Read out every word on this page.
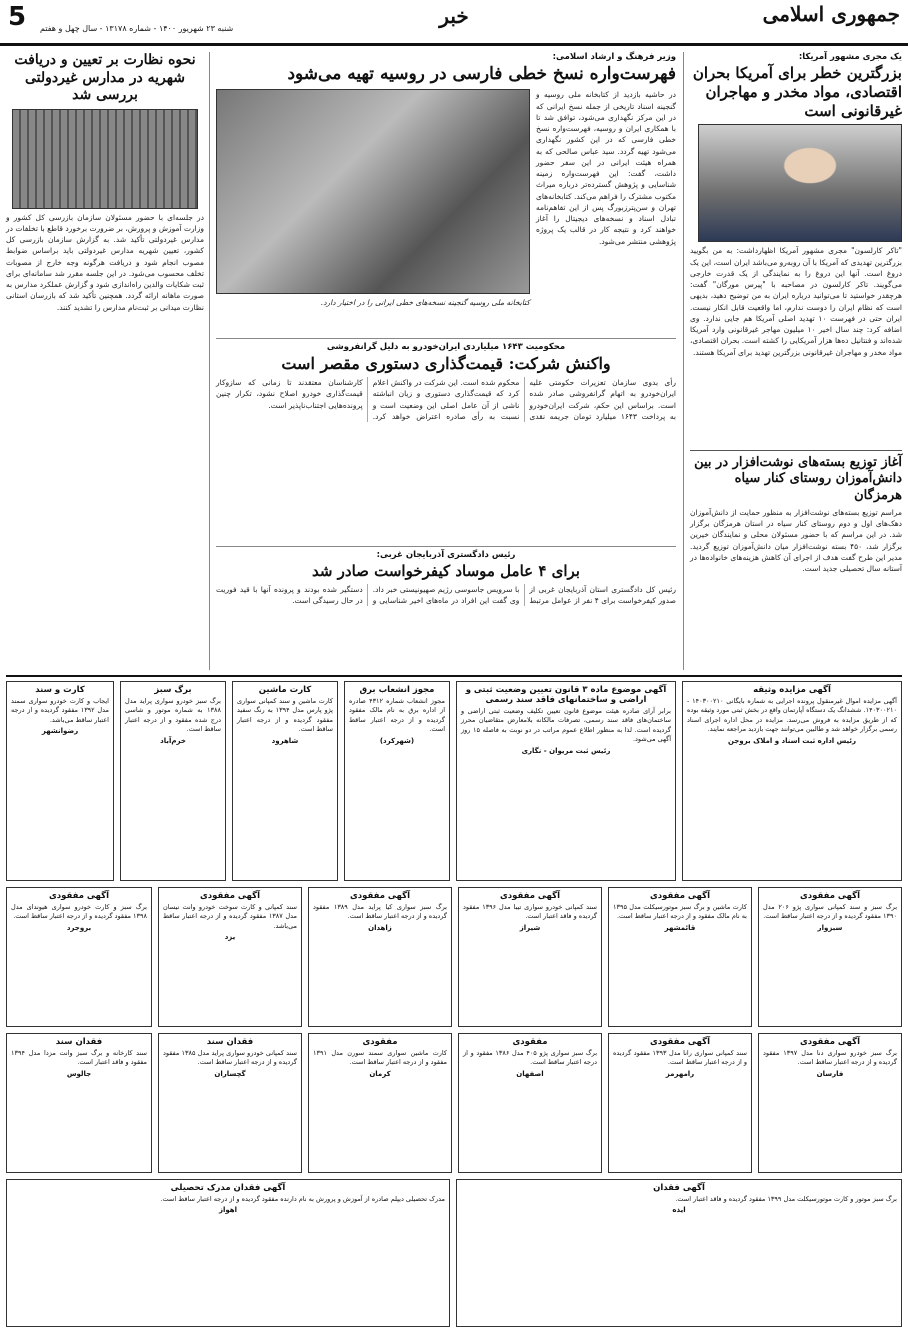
جمهوری اسلامی
خبر
شنبه ۲۳ شهریور ۱۴۰۰ - شماره ۱۳۱۷۸ - سال چهل و هفتم
5
یک مجری مشهور آمریکا:
بزرگترین خطر برای آمریکا بحران اقتصادی، مواد مخدر و مهاجران غیرقانونی است
"تاکر کارلسون" مجری مشهور آمریکا اظهارداشت: به من بگویید بزرگترین تهدیدی که آمریکا با آن روبه‌رو می‌باشد ایران است، این یک دروغ است. آنها این دروغ را به نمایندگی از یک قدرت خارجی می‌گویند. تاکر کارلسون در مصاحبه با "پیرس مورگان" گفت: هرچقدر خواستید تا می‌توانید درباره ایران به من توضیح دهید، بدیهی است که نظام ایران را دوست ندارم، اما واقعیت قابل انکار نیست. ایران حتی در فهرست ۱۰ تهدید اصلی آمریکا هم جایی ندارد. وی اضافه کرد: چند سال اخیر ۱۰ میلیون مهاجر غیرقانونی وارد آمریکا شده‌اند و فنتانیل ده‌ها هزار آمریکایی را کشته است. بحران اقتصادی، مواد مخدر و مهاجران غیرقانونی بزرگترین تهدید برای آمریکا هستند.
آغاز توزیع بسته‌های نوشت‌افزار در بین دانش‌آموزان روستای کنار سیاه هرمزگان
مراسم توزیع بسته‌های نوشت‌افزار به منظور حمایت از دانش‌آموزان دهک‌های اول و دوم روستای کنار سیاه در استان هرمزگان برگزار شد. در این مراسم که با حضور مسئولان محلی و نمایندگان خیرین برگزار شد، ۴۵۰ بسته نوشت‌افزار میان دانش‌آموزان توزیع گردید. مدیر این طرح گفت هدف از اجرای آن کاهش هزینه‌های خانواده‌ها در آستانه سال تحصیلی جدید است.
وزیر فرهنگ و ارشاد اسلامی:
فهرست‌واره نسخ خطی فارسی در روسیه تهیه می‌شود
در حاشیه بازدید از کتابخانه ملی روسیه و گنجینه اسناد تاریخی از جمله نسخ ایرانی که در این مرکز نگهداری می‌شود، توافق شد تا با همکاری ایران و روسیه، فهرست‌واره نسخ خطی فارسی که در این کشور نگهداری می‌شود تهیه گردد. سید عباس صالحی که به همراه هیئت ایرانی در این سفر حضور داشت، گفت: این فهرست‌واره زمینه شناسایی و پژوهش گسترده‌تر درباره میراث مکتوب مشترک را فراهم می‌کند. کتابخانه‌های تهران و سن‌پترزبورگ پس از این تفاهم‌نامه تبادل اسناد و نسخه‌های دیجیتال را آغاز خواهند کرد و نتیجه کار در قالب یک پروژه پژوهشی منتشر می‌شود.
کتابخانه ملی روسیه گنجینه نسخه‌های خطی ایرانی را در اختیار دارد.
محکومیت ۱۶۴۳ میلیاردی ایران‌خودرو به دلیل گرانفروشی
واکنش شرکت: قیمت‌گذاری دستوری مقصر است
رأی بدوی سازمان تعزیرات حکومتی علیه ایران‌خودرو به اتهام گرانفروشی صادر شده است. براساس این حکم، شرکت ایران‌خودرو به پرداخت ۱۶۴۳ میلیارد تومان جریمه نقدی محکوم شده است. این شرکت در واکنش اعلام کرد که قیمت‌گذاری دستوری و زیان انباشته ناشی از آن عامل اصلی این وضعیت است و نسبت به رأی صادره اعتراض خواهد کرد. کارشناسان معتقدند تا زمانی که سازوکار قیمت‌گذاری خودرو اصلاح نشود، تکرار چنین پرونده‌هایی اجتناب‌ناپذیر است.
رئیس دادگستری آذربایجان غربی:
برای ۴ عامل موساد کیفرخواست صادر شد
رئیس کل دادگستری استان آذربایجان غربی از صدور کیفرخواست برای ۴ نفر از عوامل مرتبط با سرویس جاسوسی رژیم صهیونیستی خبر داد. وی گفت این افراد در ماه‌های اخیر شناسایی و دستگیر شده بودند و پرونده آنها با قید فوریت در حال رسیدگی است.
نحوه نظارت بر تعیین و دریافت شهریه در مدارس غیردولتی بررسی شد
در جلسه‌ای با حضور مسئولان سازمان بازرسی کل کشور و وزارت آموزش و پرورش، بر ضرورت برخورد قاطع با تخلفات در مدارس غیردولتی تأکید شد. به گزارش سازمان بازرسی کل کشور، تعیین شهریه مدارس غیردولتی باید براساس ضوابط مصوب انجام شود و دریافت هرگونه وجه خارج از مصوبات تخلف محسوب می‌شود. در این جلسه مقرر شد سامانه‌ای برای ثبت شکایات والدین راه‌اندازی شود و گزارش عملکرد مدارس به صورت ماهانه ارائه گردد. همچنین تأکید شد که بازرسان استانی نظارت میدانی بر ثبت‌نام مدارس را تشدید کنند.
آگهی مزایده وثیقه
آگهی مزایده اموال غیرمنقول پرونده اجرایی به شماره بایگانی ۱۴۰۳۰۰۲۱۰ - ۱۴۰۳۰۰۲۱۰. ششدانگ یک دستگاه آپارتمان واقع در بخش ثبتی مورد وثیقه بوده که از طریق مزایده به فروش می‌رسد. مزایده در محل اداره اجرای اسناد رسمی برگزار خواهد شد و طالبین می‌توانند جهت بازدید مراجعه نمایند.
رئیس اداره ثبت اسناد و املاک بروجن
آگهی موضوع ماده ۳ قانون تعیین وضعیت ثبتی و اراضی و ساختمانهای فاقد سند رسمی
برابر آرای صادره هیئت موضوع قانون تعیین تکلیف وضعیت ثبتی اراضی و ساختمان‌های فاقد سند رسمی، تصرفات مالکانه بلامعارض متقاضیان محرز گردیده است. لذا به منظور اطلاع عموم مراتب در دو نوبت به فاصله ۱۵ روز آگهی می‌شود.
رئیس ثبت مریوان - نگاری
مجوز انشعاب برق
مجوز انشعاب شماره ۴۳۱۲ صادره از اداره برق به نام مالک مفقود گردیده و از درجه اعتبار ساقط است.
(شهرکرد)
کارت ماشین
کارت ماشین و سند کمپانی سواری پژو پارس مدل ۱۳۹۴ به رنگ سفید مفقود گردیده و از درجه اعتبار ساقط است.
شاهرود
برگ سبز
برگ سبز خودرو سواری پراید مدل ۱۳۸۸ به شماره موتور و شاسی درج شده مفقود و از درجه اعتبار ساقط است.
خرم‌آباد
کارت و سند
ایجاب و کارت خودرو سواری سمند مدل ۱۳۹۲ مفقود گردیده و از درجه اعتبار ساقط می‌باشد.
رضوانشهر
آگهی مفقودی
برگ سبز و سند کمپانی سواری پژو ۲۰۶ مدل ۱۳۹۰ مفقود گردیده و از درجه اعتبار ساقط است.
سبزوار
آگهی مفقودی
کارت ماشین و برگ سبز موتورسیکلت مدل ۱۳۹۵ به نام مالک مفقود و از درجه اعتبار ساقط است.
قائمشهر
آگهی مفقودی
سند کمپانی خودرو سواری تیبا مدل ۱۳۹۶ مفقود گردیده و فاقد اعتبار است.
شیراز
آگهی مفقودی
برگ سبز سواری کیا پراید مدل ۱۳۸۹ مفقود گردیده و از درجه اعتبار ساقط است.
زاهدان
آگهی مفقودی
سند کمپانی و کارت سوخت خودرو وانت نیسان مدل ۱۳۸۷ مفقود گردیده و از درجه اعتبار ساقط می‌باشد.
یزد
آگهی مفقودی
برگ سبز و کارت خودرو سواری هیوندای مدل ۱۳۹۸ مفقود گردیده و از درجه اعتبار ساقط است.
بروجرد
آگهی مفقودی
برگ سبز خودرو سواری دنا مدل ۱۳۹۷ مفقود گردیده و از درجه اعتبار ساقط است.
فارسان
آگهی مفقودی
سند کمپانی سواری رانا مدل ۱۳۹۳ مفقود گردیده و از درجه اعتبار ساقط است.
رامهرمز
مفقودی
برگ سبز سواری پژو ۴۰۵ مدل ۱۳۸۶ مفقود و از درجه اعتبار ساقط است.
اصفهان
مفقودی
کارت ماشین سواری سمند سورن مدل ۱۳۹۱ مفقود و از درجه اعتبار ساقط است.
کرمان
فقدان سند
سند کمپانی خودرو سواری پراید مدل ۱۳۸۵ مفقود گردیده و از درجه اعتبار ساقط است.
گچساران
فقدان سند
سند کارخانه و برگ سبز وانت مزدا مدل ۱۳۹۴ مفقود و فاقد اعتبار است.
جالوس
آگهی فقدان
برگ سبز موتور و کارت موتورسیکلت مدل ۱۳۹۹ مفقود گردیده و فاقد اعتبار است.
ایذه
آگهی فقدان مدرک تحصیلی
مدرک تحصیلی دیپلم صادره از آموزش و پرورش به نام دارنده مفقود گردیده و از درجه اعتبار ساقط است.
اهواز
